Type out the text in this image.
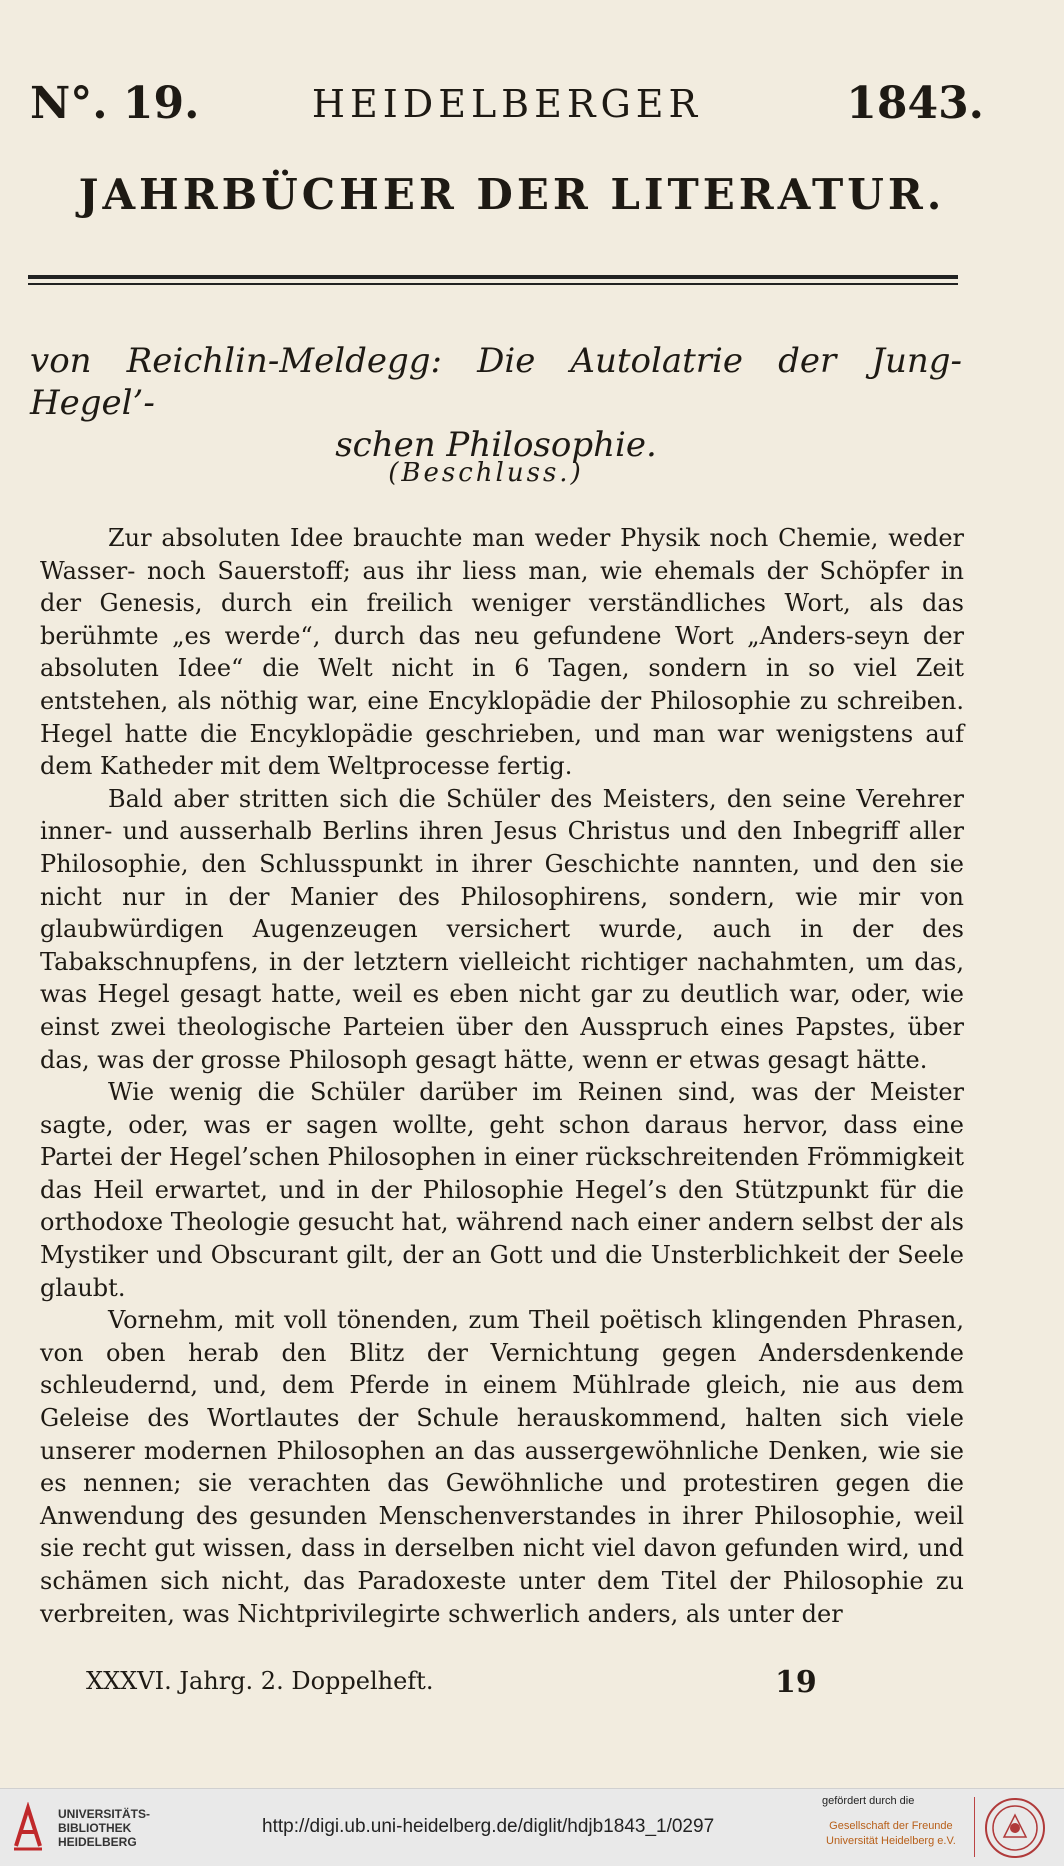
N°. 19.	HEIDELBERGER	1843.
JAHRBÜCHER DER LITERATUR.
von Reichlin-Meldegg: Die Autolatrie der Jung-Hegel’-
schen Philosophie.
(Beschluss.)

Zur absoluten Idee brauchte man weder Physik noch Chemie, weder Wasser- noch Sauerstoff; aus ihr liess man, wie ehemals der Schöpfer in der Genesis, durch ein freilich weniger verständliches Wort, als das berühmte „es werde“, durch das neu gefundene Wort „Anders-seyn der absoluten Idee“ die Welt nicht in 6 Tagen, sondern in so viel Zeit entstehen, als nöthig war, eine Encyklopädie der Philosophie zu schreiben. Hegel hatte die Encyklopädie geschrieben, und man war wenigstens auf dem Katheder mit dem Weltprocesse fertig.

Bald aber stritten sich die Schüler des Meisters, den seine Verehrer inner- und ausserhalb Berlins ihren Jesus Christus und den Inbegriff aller Philosophie, den Schlusspunkt in ihrer Geschichte nannten, und den sie nicht nur in der Manier des Philosophirens, sondern, wie mir von glaubwürdigen Augenzeugen versichert wurde, auch in der des Tabakschnupfens, in der letztern vielleicht richtiger nachahmten, um das, was Hegel gesagt hatte, weil es eben nicht gar zu deutlich war, oder, wie einst zwei theologische Parteien über den Ausspruch eines Papstes, über das, was der grosse Philosoph gesagt hätte, wenn er etwas gesagt hätte.

Wie wenig die Schüler darüber im Reinen sind, was der Meister sagte, oder, was er sagen wollte, geht schon daraus hervor, dass eine Partei der Hegel’schen Philosophen in einer rückschreitenden Frömmigkeit das Heil erwartet, und in der Philosophie Hegel’s den Stützpunkt für die orthodoxe Theologie gesucht hat, während nach einer andern selbst der als Mystiker und Obscurant gilt, der an Gott und die Unsterblichkeit der Seele glaubt.

Vornehm, mit voll tönenden, zum Theil poëtisch klingenden Phrasen, von oben herab den Blitz der Vernichtung gegen Andersdenkende schleudernd, und, dem Pferde in einem Mühlrade gleich, nie aus dem Geleise des Wortlautes der Schule herauskommend, halten sich viele unserer modernen Philosophen an das aussergewöhnliche Denken, wie sie es nennen; sie verachten das Gewöhnliche und protestiren gegen die Anwendung des gesunden Menschenverstandes in ihrer Philosophie, weil sie recht gut wissen, dass in derselben nicht viel davon gefunden wird, und schämen sich nicht, das Paradoxeste unter dem Titel der Philosophie zu verbreiten, was Nichtprivilegirte schwerlich anders, als unter der

XXXVI. Jahrg. 2. Doppelheft.	19
UNIVERSITÄTS-
BIBLIOTHEK
HEIDELBERG
http://digi.ub.uni-heidelberg.de/diglit/hdjb1843_1/0297
gefördert durch die
Gesellschaft der Freunde
Universität Heidelberg e.V.
